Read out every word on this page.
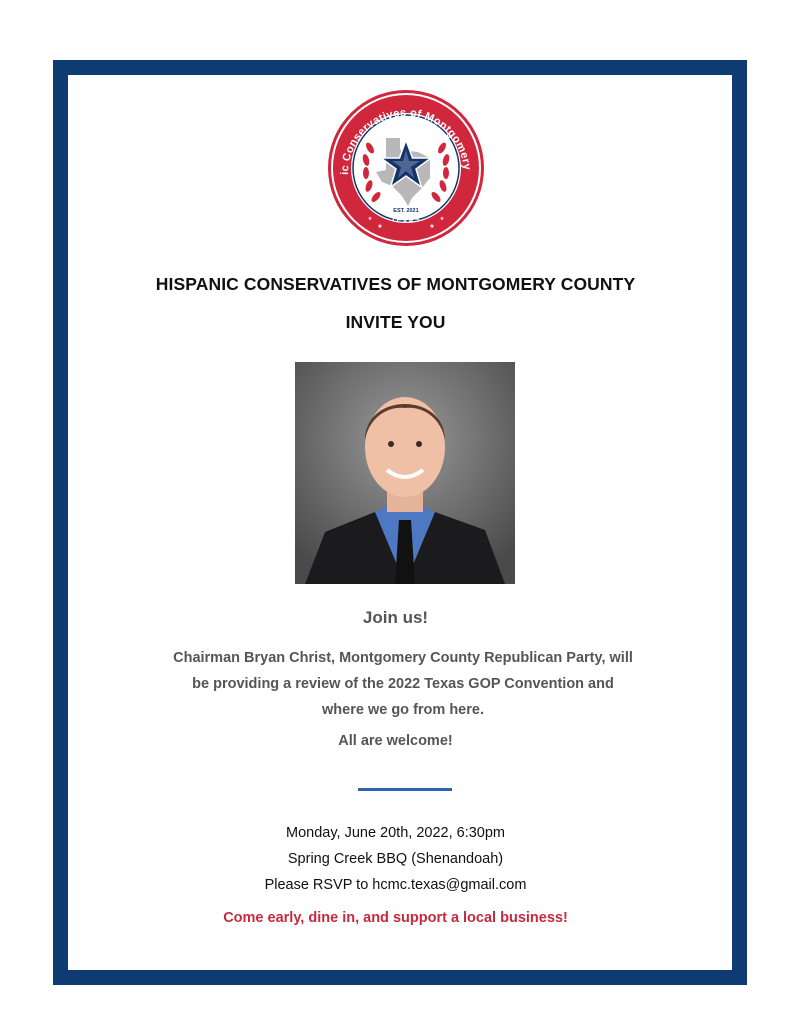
ic Conservatives of Montgomery
TEXAS
★	★
★	★
EST. 2021
HISPANIC CONSERVATIVES OF MONTGOMERY COUNTY
INVITE YOU
Join us!
Chairman Bryan Christ, Montgomery County Republican Party, will be providing a review of the 2022 Texas GOP Convention and where we go from here.
All are welcome!
Monday, June 20th, 2022, 6:30pm
Spring Creek BBQ (Shenandoah)
Please RSVP to hcmc.texas@gmail.com
Come early, dine in, and support a local business!
